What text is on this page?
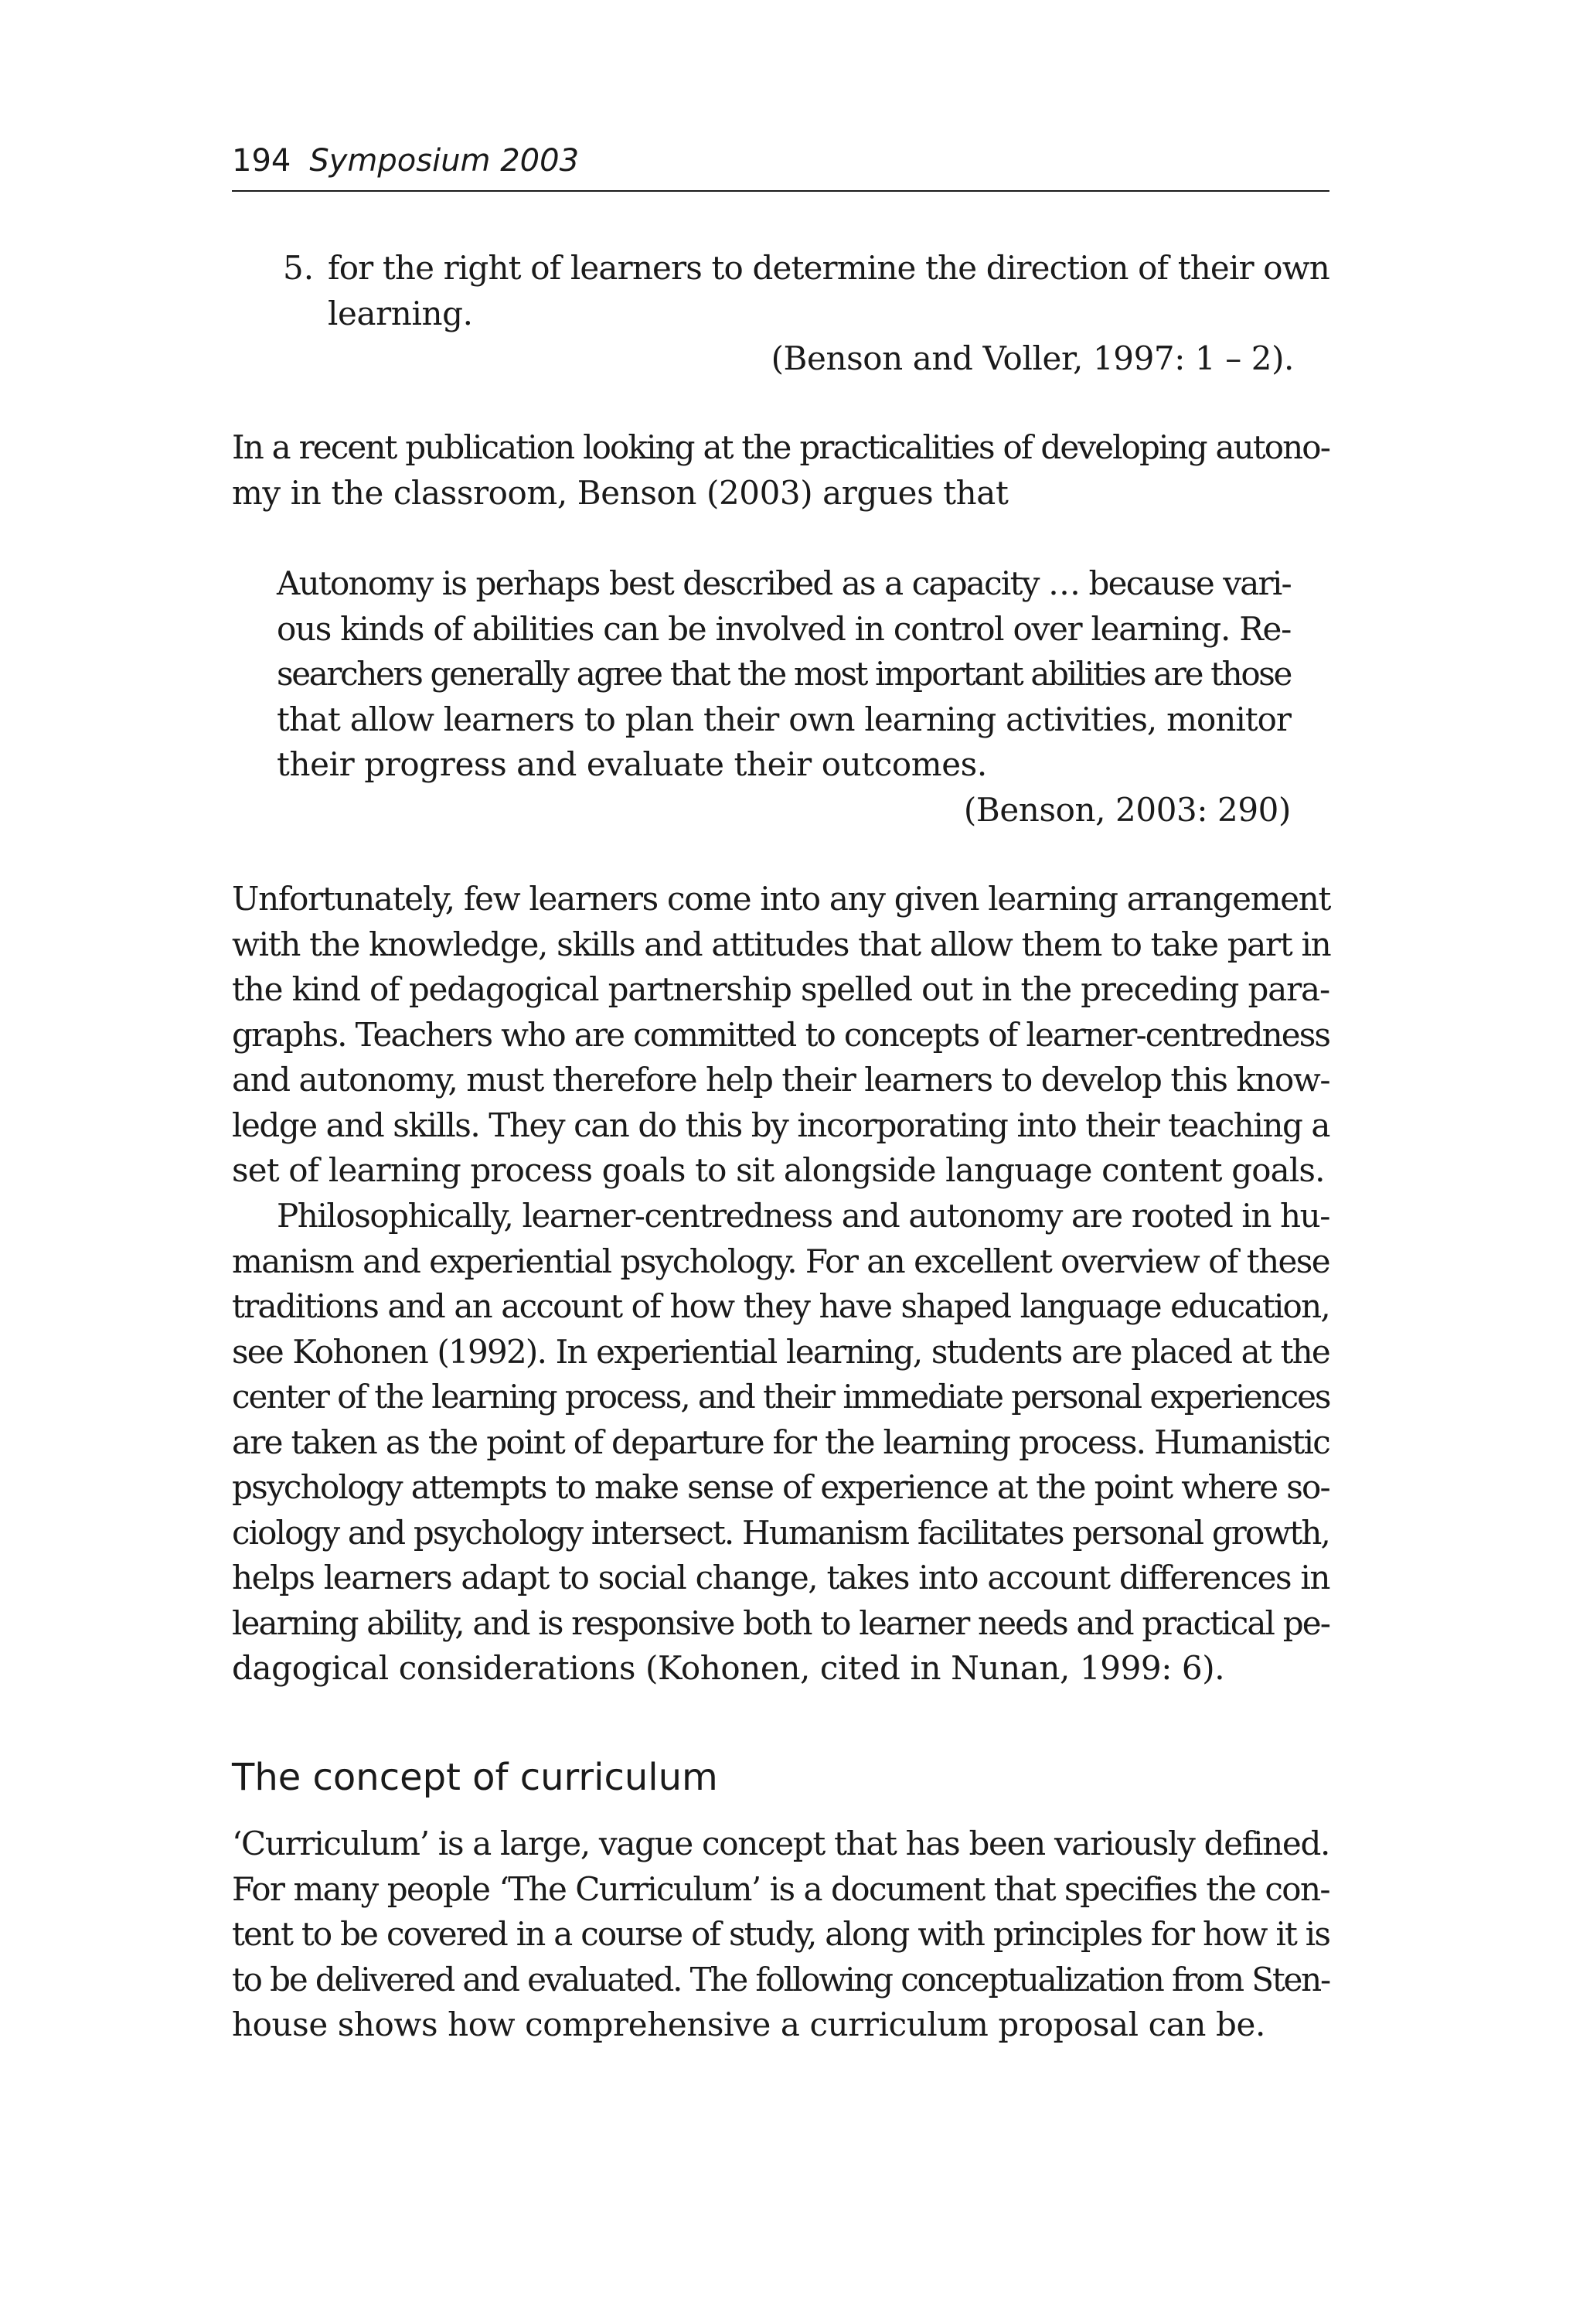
194 Symposium 2003
5. for the right of learners to determine the direction of their own
learning.
(Benson and Voller, 1997: 1 – 2).
In a recent publication looking at the practicalities of developing autono-
my in the classroom, Benson (2003) argues that
Autonomy is perhaps best described as a capacity … because vari-
ous kinds of abilities can be involved in control over learning. Re-
searchers generally agree that the most important abilities are those
that allow learners to plan their own learning activities, monitor
their progress and evaluate their outcomes.
(Benson, 2003: 290)
Unfortunately, few learners come into any given learning arrangement
with the knowledge, skills and attitudes that allow them to take part in
the kind of pedagogical partnership spelled out in the preceding para-
graphs. Teachers who are committed to concepts of learner-centredness
and autonomy, must therefore help their learners to develop this know-
ledge and skills. They can do this by incorporating into their teaching a
set of learning process goals to sit alongside language content goals.
Philosophically, learner-centredness and autonomy are rooted in hu-
manism and experiential psychology. For an excellent overview of these
traditions and an account of how they have shaped language education,
see Kohonen (1992). In experiential learning, students are placed at the
center of the learning process, and their immediate personal experiences
are taken as the point of departure for the learning process. Humanistic
psychology attempts to make sense of experience at the point where so-
ciology and psychology intersect. Humanism facilitates personal growth,
helps learners adapt to social change, takes into account differences in
learning ability, and is responsive both to learner needs and practical pe-
dagogical considerations (Kohonen, cited in Nunan, 1999: 6).
The concept of curriculum
‘Curriculum’ is a large, vague concept that has been variously defined.
For many people ‘The Curriculum’ is a document that specifies the con-
tent to be covered in a course of study, along with principles for how it is
to be delivered and evaluated. The following conceptualization from Sten-
house shows how comprehensive a curriculum proposal can be.
